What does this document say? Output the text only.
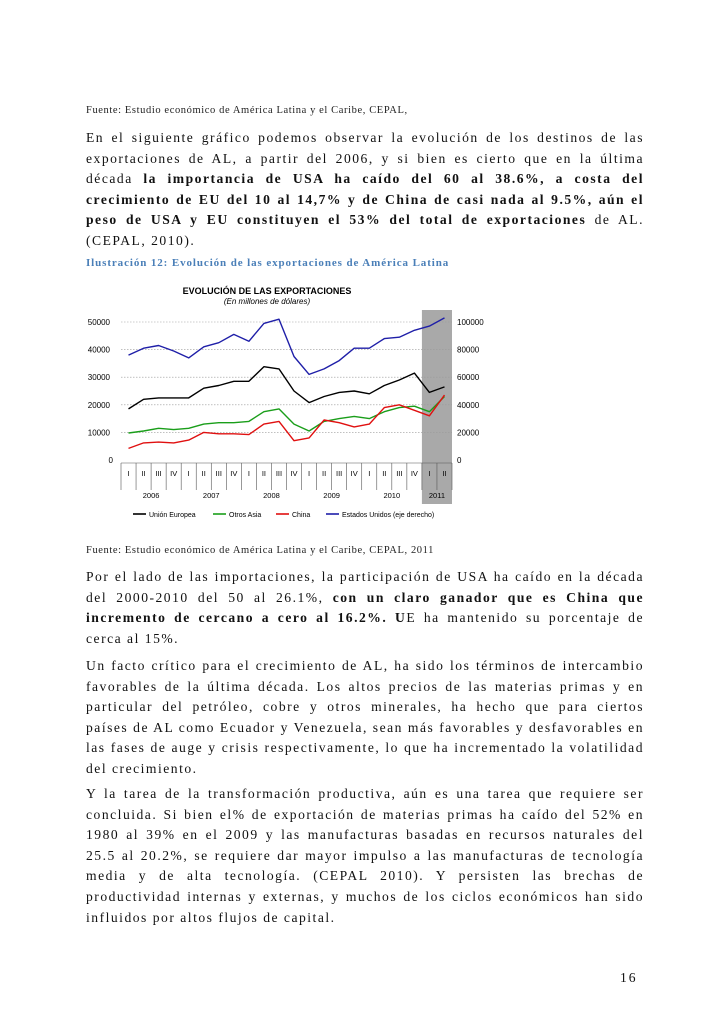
Fuente: Estudio económico de América Latina y el Caribe, CEPAL,

En el siguiente gráfico podemos observar la evolución de los destinos de las exportaciones de AL, a partir del 2006, y si bien es cierto que en la última década la importancia de USA ha caído del 60 al 38.6%, a costa del crecimiento de EU del 10 al 14,7% y de China de casi nada al 9.5%, aún el peso de USA y EU constituyen el 53% del total de exportaciones de AL. (CEPAL, 2010).

Ilustración 12: Evolución de las exportaciones de América Latina
0	0
10000	20000
20000	40000
30000	60000
40000	80000
50000	100000
I II III IV I II III IV I II III IV I II III IV I II III IV I II
2006	2007	2008	2009	2010	2011
Unión Europea	Otros Asia	China	Estados Unidos (eje derecho)
EVOLUCIÓN DE LAS EXPORTACIONES
(En millones de dólares)
Fuente: Estudio económico de América Latina y el Caribe, CEPAL, 2011

Por el lado de las importaciones, la participación de USA ha caído en la década del 2000-2010 del 50 al 26.1%, con un claro ganador que es China que incremento de cercano a cero al 16.2%. UE ha mantenido su porcentaje de cerca al 15%.

Un facto crítico para el crecimiento de AL, ha sido los términos de intercambio favorables de la última década. Los altos precios de las materias primas y en particular del petróleo, cobre y otros minerales, ha hecho que para ciertos países de AL como Ecuador y Venezuela, sean más favorables y desfavorables en las fases de auge y crisis respectivamente, lo que ha incrementado la volatilidad del crecimiento.

Y la tarea de la transformación productiva, aún es una tarea que requiere ser concluida. Si bien el% de exportación de materias primas ha caído del 52% en 1980 al 39% en el 2009 y las manufacturas basadas en recursos naturales del 25.5 al 20.2%, se requiere dar mayor impulso a las manufacturas de tecnología media y de alta tecnología. (CEPAL 2010). Y persisten las brechas de productividad internas y externas, y muchos de los ciclos económicos han sido influidos por altos flujos de capital.

16
